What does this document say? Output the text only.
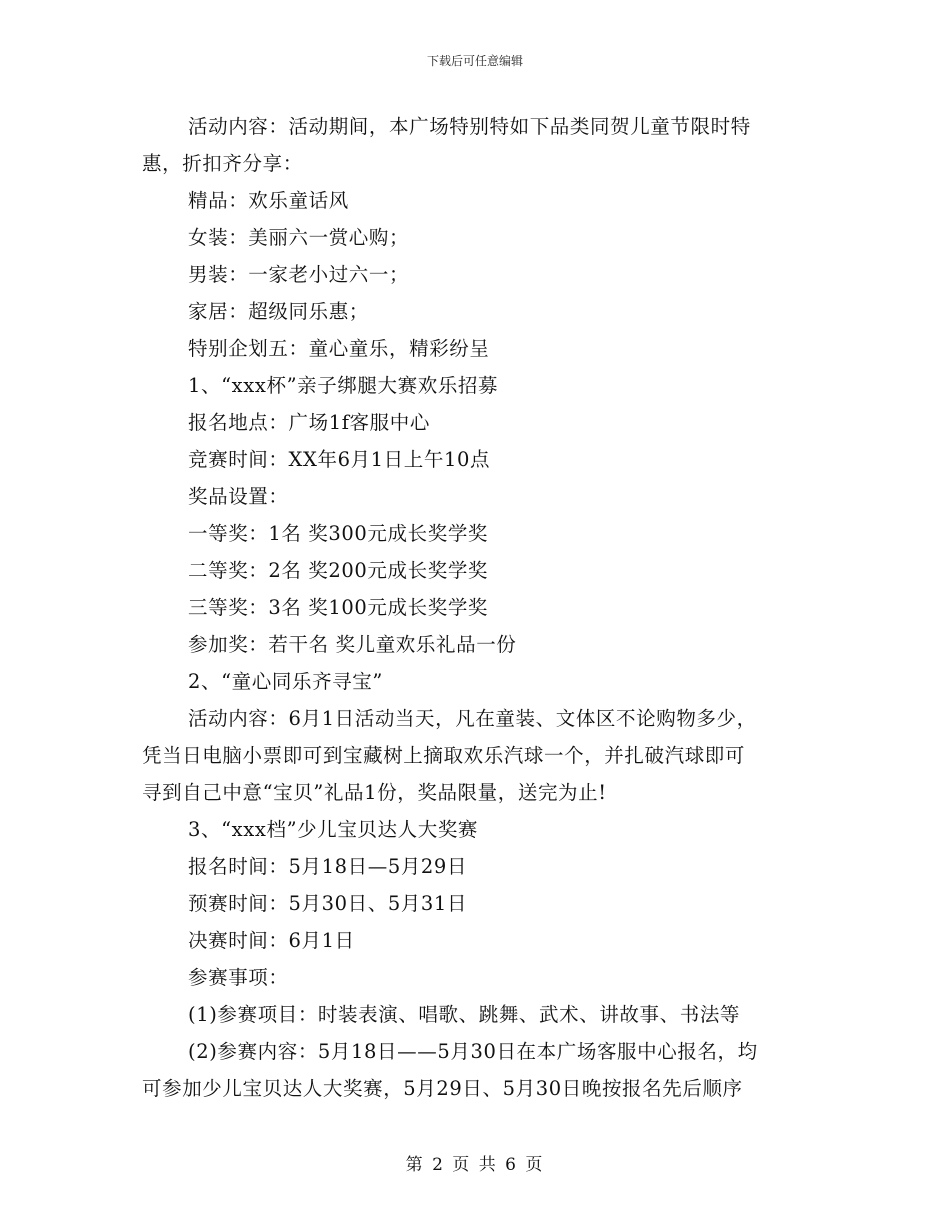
下载后可任意编辑
活动内容：活动期间，本广场特别特如下品类同贺儿童节限时特
惠，折扣齐分享：
精品：欢乐童话风
女装：美丽六一赏心购；
男装：一家老小过六一；
家居：超级同乐惠；
特别企划五：童心童乐，精彩纷呈
1、“xxx杯”亲子绑腿大赛欢乐招募
报名地点：广场1f客服中心
竞赛时间：XX年6月1日上午10点
奖品设置：
一等奖：1名 奖300元成长奖学奖
二等奖：2名 奖200元成长奖学奖
三等奖：3名 奖100元成长奖学奖
参加奖：若干名 奖儿童欢乐礼品一份
2、“童心同乐齐寻宝”
活动内容：6月1日活动当天，凡在童装、文体区不论购物多少，
凭当日电脑小票即可到宝藏树上摘取欢乐汽球一个，并扎破汽球即可
寻到自己中意“宝贝”礼品1份，奖品限量，送完为止!
3、“xxx档”少儿宝贝达人大奖赛
报名时间：5月18日—5月29日
预赛时间：5月30日、5月31日
决赛时间：6月1日
参赛事项：
(1)参赛项目：时装表演、唱歌、跳舞、武术、讲故事、书法等
(2)参赛内容：5月18日——5月30日在本广场客服中心报名，均
可参加少儿宝贝达人大奖赛，5月29日、5月30日晚按报名先后顺序
第 2 页 共 6 页
